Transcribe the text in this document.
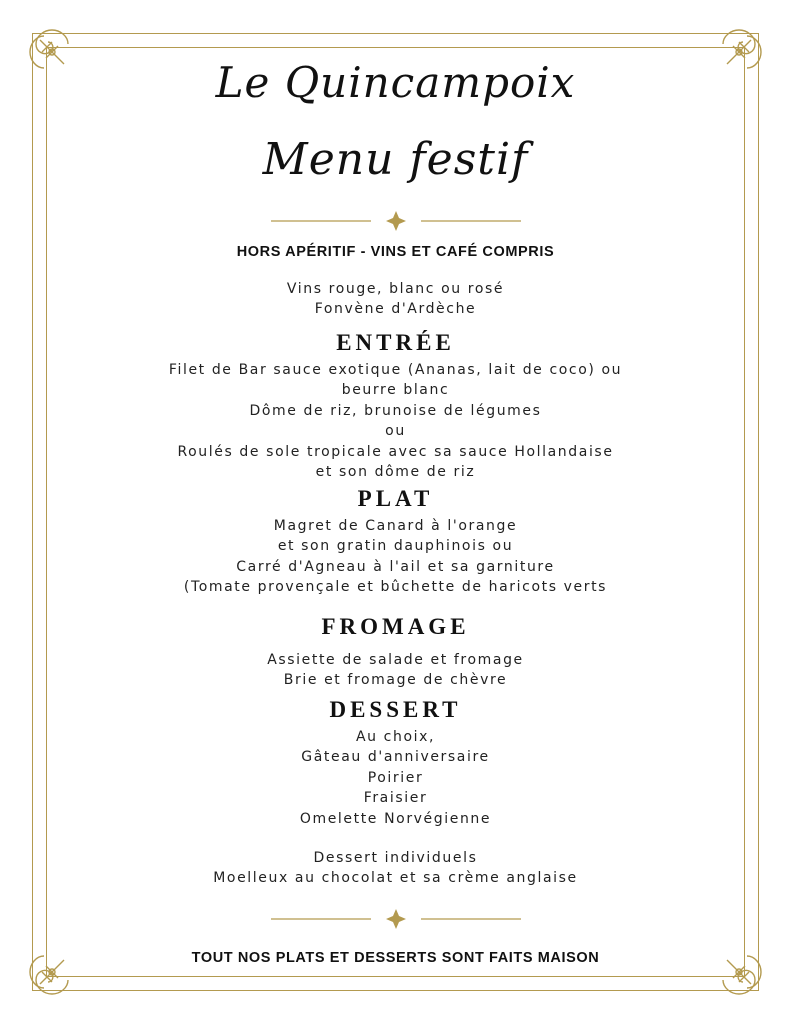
Le Quincampoix
Menu festif
HORS APÉRITIF - VINS ET CAFÉ COMPRIS
Vins rouge, blanc ou rosé
Fonvène d'Ardèche
ENTRÉE
Filet de Bar sauce exotique (Ananas, lait de coco) ou
beurre blanc
Dôme de riz, brunoise de légumes
ou
Roulés de sole tropicale avec sa sauce Hollandaise
et son dôme de riz
PLAT
Magret de Canard à l'orange
et son gratin dauphinois ou
Carré d'Agneau à l'ail et sa garniture
(Tomate provençale et bûchette de haricots verts
FROMAGE
Assiette de salade et fromage
Brie et fromage de chèvre
DESSERT
Au choix,
Gâteau d'anniversaire
Poirier
Fraisier
Omelette Norvégienne
Dessert individuels
Moelleux au chocolat et sa crème anglaise
TOUT NOS PLATS ET DESSERTS SONT FAITS MAISON
